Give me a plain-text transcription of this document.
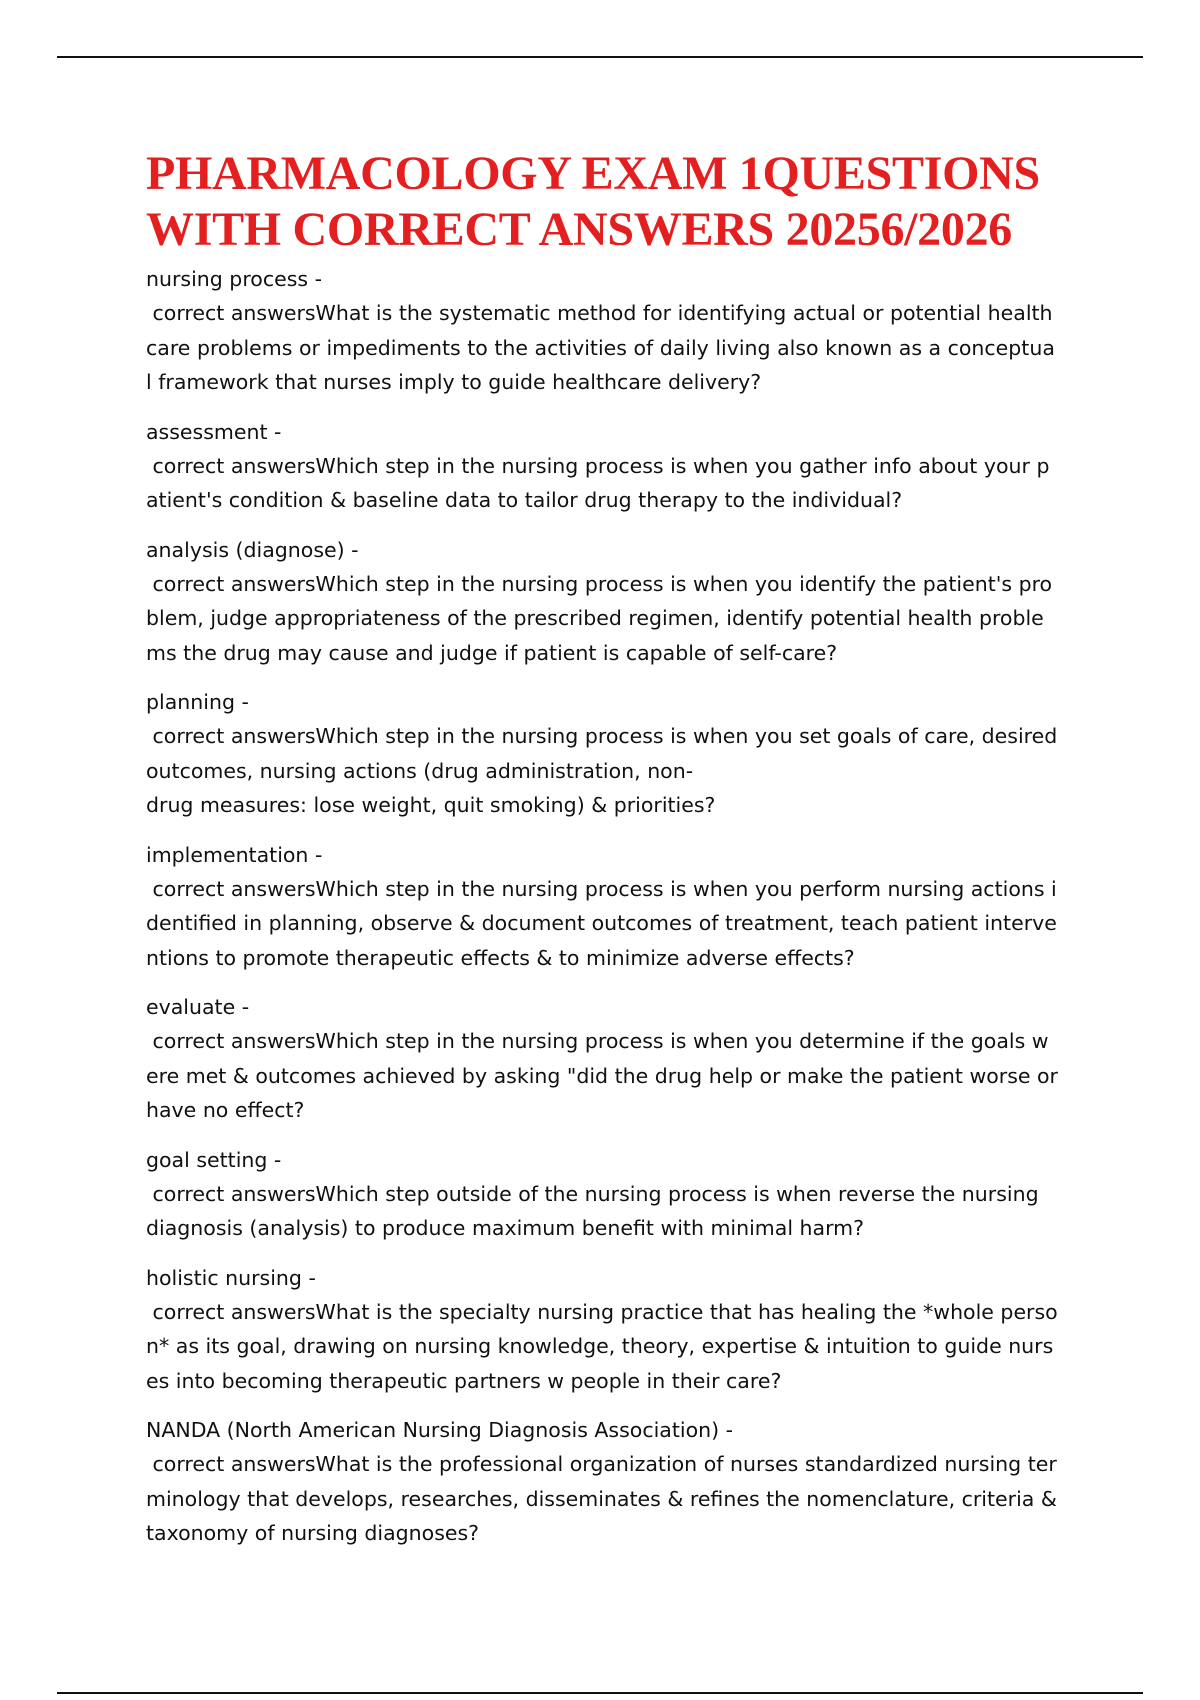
PHARMACOLOGY EXAM 1QUESTIONS
WITH CORRECT ANSWERS 20256/2026
nursing process -
correct answersWhat is the systematic method for identifying actual or potential health care problems or impediments to the activities of daily living also known as a conceptual framework that nurses imply to guide healthcare delivery?
assessment -
correct answersWhich step in the nursing process is when you gather info about your patient's condition & baseline data to tailor drug therapy to the individual?
analysis (diagnose) -
correct answersWhich step in the nursing process is when you identify the patient's problem, judge appropriateness of the prescribed regimen, identify potential health problems the drug may cause and judge if patient is capable of self-care?
planning -
correct answersWhich step in the nursing process is when you set goals of care, desired outcomes, nursing actions (drug administration, non-
drug measures: lose weight, quit smoking) & priorities?
implementation -
correct answersWhich step in the nursing process is when you perform nursing actions identified in planning, observe & document outcomes of treatment, teach patient interventions to promote therapeutic effects & to minimize adverse effects?
evaluate -
correct answersWhich step in the nursing process is when you determine if the goals were met & outcomes achieved by asking "did the drug help or make the patient worse or have no effect?
goal setting -
correct answersWhich step outside of the nursing process is when reverse the nursing diagnosis (analysis) to produce maximum benefit with minimal harm?
holistic nursing -
correct answersWhat is the specialty nursing practice that has healing the *whole person* as its goal, drawing on nursing knowledge, theory, expertise & intuition to guide nurses into becoming therapeutic partners w people in their care?
NANDA (North American Nursing Diagnosis Association) -
correct answersWhat is the professional organization of nurses standardized nursing terminology that develops, researches, disseminates & refines the nomenclature, criteria & taxonomy of nursing diagnoses?
